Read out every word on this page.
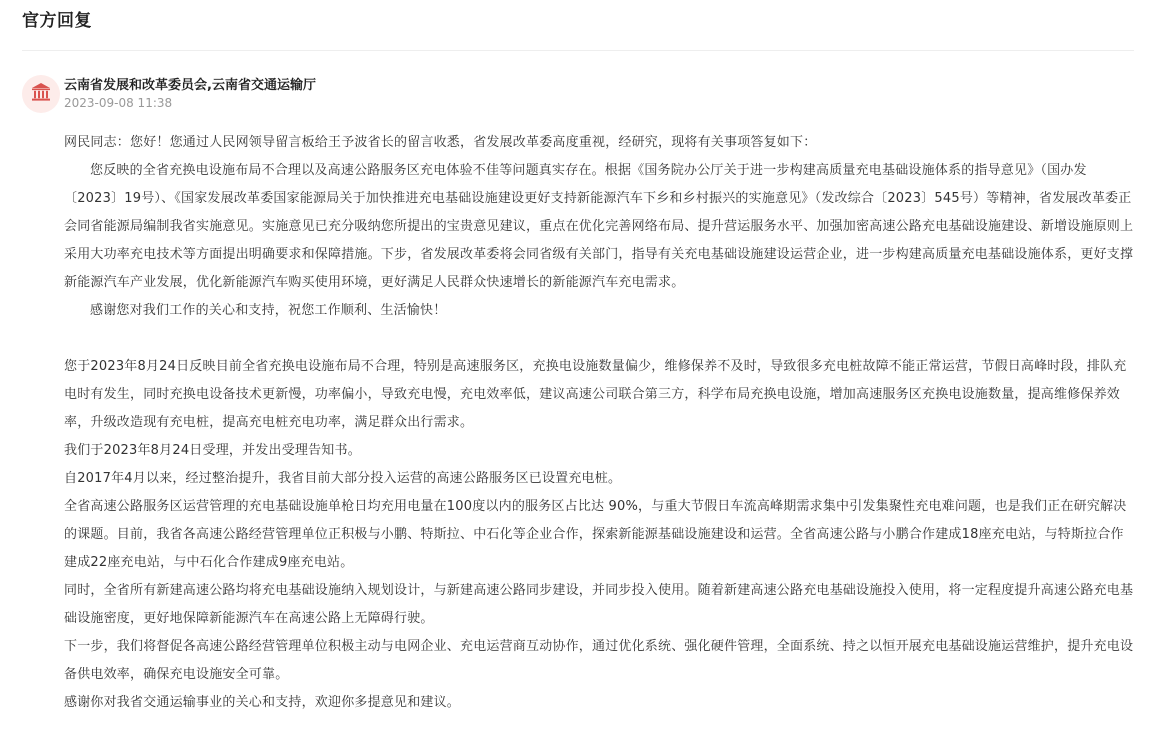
官方回复
云南省发展和改革委员会,云南省交通运输厅
2023-09-08 11:38

网民同志：您好！您通过人民网领导留言板给王予波省长的留言收悉，省发展改革委高度重视，经研究，现将有关事项答复如下：

您反映的全省充换电设施布局不合理以及高速公路服务区充电体验不佳等问题真实存在。根据《国务院办公厅关于进一步构建高质量充电基础设施体系的指导意见》（国办发〔2023〕19号）、《国家发展改革委国家能源局关于加快推进充电基础设施建设更好支持新能源汽车下乡和乡村振兴的实施意见》（发改综合〔2023〕545号）等精神，省发展改革委正会同省能源局编制我省实施意见。实施意见已充分吸纳您所提出的宝贵意见建议，重点在优化完善网络布局、提升营运服务水平、加强加密高速公路充电基础设施建设、新增设施原则上采用大功率充电技术等方面提出明确要求和保障措施。下步，省发展改革委将会同省级有关部门，指导有关充电基础设施建设运营企业，进一步构建高质量充电基础设施体系，更好支撑新能源汽车产业发展，优化新能源汽车购买使用环境，更好满足人民群众快速增长的新能源汽车充电需求。

感谢您对我们工作的关心和支持，祝您工作顺利、生活愉快！

您于2023年8月24日反映目前全省充换电设施布局不合理，特别是高速服务区，充换电设施数量偏少，维修保养不及时，导致很多充电桩故障不能正常运营，节假日高峰时段，排队充电时有发生，同时充换电设备技术更新慢，功率偏小，导致充电慢，充电效率低，建议高速公司联合第三方，科学布局充换电设施，增加高速服务区充换电设施数量，提高维修保养效率，升级改造现有充电桩，提高充电桩充电功率，满足群众出行需求。

我们于2023年8月24日受理，并发出受理告知书。

自2017年4月以来，经过整治提升，我省目前大部分投入运营的高速公路服务区已设置充电桩。

全省高速公路服务区运营管理的充电基础设施单枪日均充用电量在100度以内的服务区占比达 90%，与重大节假日车流高峰期需求集中引发集聚性充电难问题，也是我们正在研究解决的课题。目前，我省各高速公路经营管理单位正积极与小鹏、特斯拉、中石化等企业合作，探索新能源基础设施建设和运营。全省高速公路与小鹏合作建成18座充电站，与特斯拉合作建成22座充电站，与中石化合作建成9座充电站。

同时，全省所有新建高速公路均将充电基础设施纳入规划设计，与新建高速公路同步建设，并同步投入使用。随着新建高速公路充电基础设施投入使用，将一定程度提升高速公路充电基础设施密度，更好地保障新能源汽车在高速公路上无障碍行驶。

下一步，我们将督促各高速公路经营管理单位积极主动与电网企业、充电运营商互动协作，通过优化系统、强化硬件管理，全面系统、持之以恒开展充电基础设施运营维护，提升充电设备供电效率，确保充电设施安全可靠。

感谢你对我省交通运输事业的关心和支持，欢迎你多提意见和建议。
